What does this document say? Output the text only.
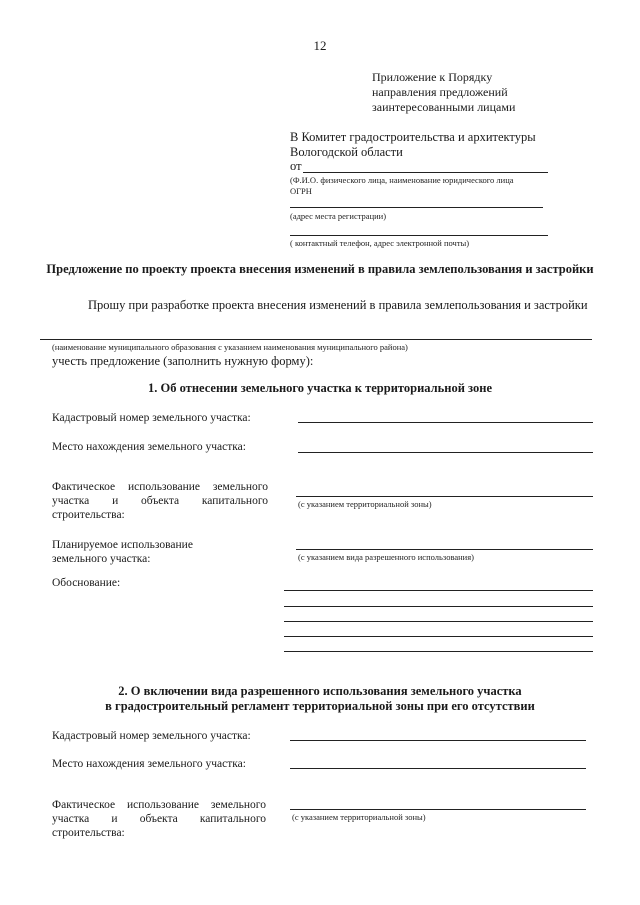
12
Приложение к Порядку
направления предложений
заинтересованными лицами
В Комитет градостроительства и архитектуры
Вологодской области
от
(Ф.И.О. физического лица, наименование юридического лица
ОГРН
(адрес места регистрации)
( контактный телефон, адрес электронной почты)
Предложение по проекту проекта внесения изменений в правила землепользования и застройки
Прошу при разработке проекта внесения изменений в правила землепользования и застройки
(наименование муниципального образования с указанием наименования муниципального района)
учесть предложение (заполнить нужную форму):
1. Об отнесении земельного участка к территориальной зоне
Кадастровый номер земельного участка:
Место нахождения земельного участка:
Фактическое использование земельного
участка и объекта капитального
строительства:
(с указанием территориальной зоны)
Планируемое использование
земельного участка:	(с указанием вида разрешенного использования)
Обоснование:
2. О включении вида разрешенного использования земельного участка
в градостроительный регламент территориальной зоны при его отсутствии
Кадастровый номер земельного участка:
Место нахождения земельного участка:
Фактическое использование земельного
участка и объекта капитального
строительства:
(с указанием территориальной зоны)
